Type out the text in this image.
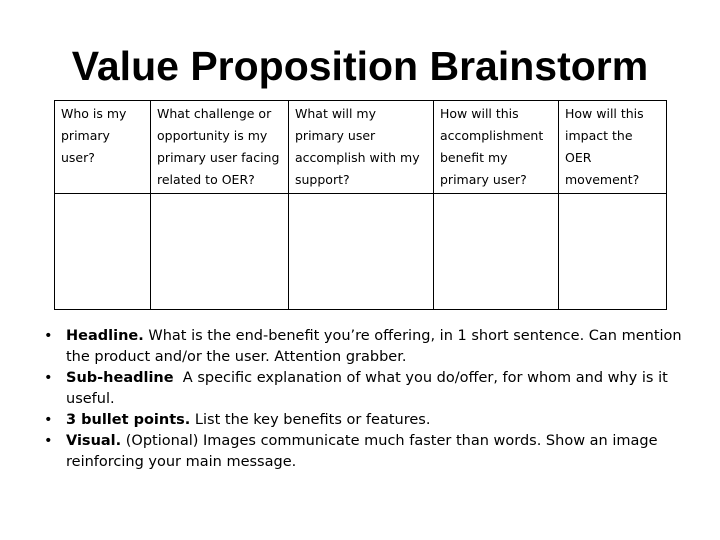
Value Proposition Brainstorm
Who is my primary user?	What challenge or opportunity is my primary user facing related to OER?	What will my primary user accomplish with my support?	How will this accomplishment benefit my primary user?	How will this impact the OER movement?

• Headline. What is the end-benefit you’re offering, in 1 short sentence. Can mention the product and/or the user. Attention grabber.
• Sub-headline  A specific explanation of what you do/offer, for whom and why is it useful.
• 3 bullet points. List the key benefits or features.
• Visual. (Optional) Images communicate much faster than words. Show an image reinforcing your main message.
